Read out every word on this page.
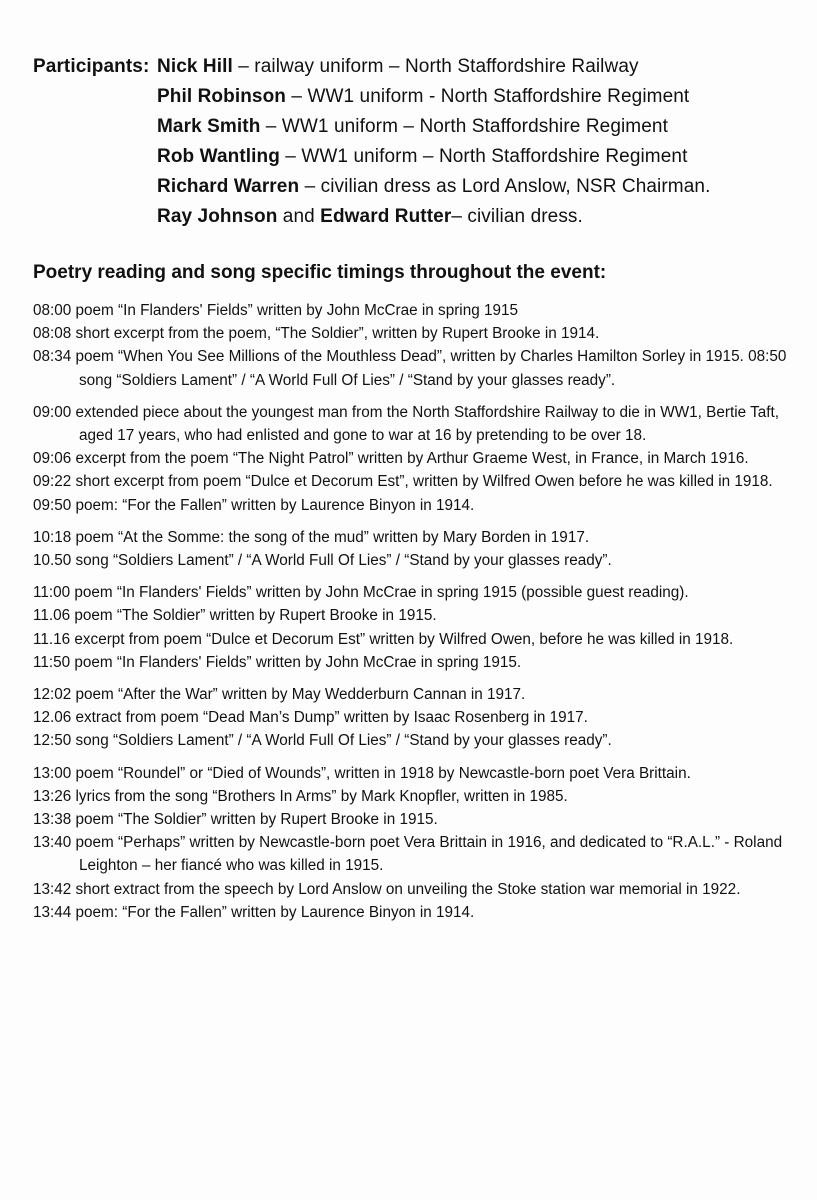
Participants: Nick Hill – railway uniform – North Staffordshire Railway
Phil Robinson – WW1 uniform - North Staffordshire Regiment
Mark Smith – WW1 uniform – North Staffordshire Regiment
Rob Wantling – WW1 uniform – North Staffordshire Regiment
Richard Warren – civilian dress as Lord Anslow, NSR Chairman.
Ray Johnson and Edward Rutter– civilian dress.
Poetry reading and song specific timings throughout the event:
08:00 poem “In Flanders' Fields” written by John McCrae in spring 1915
08:08 short excerpt from the poem, “The Soldier”, written by Rupert Brooke in 1914.
08:34 poem “When You See Millions of the Mouthless Dead”, written by Charles Hamilton Sorley in 1915. 08:50 song “Soldiers Lament” / “A World Full Of Lies” / “Stand by your glasses ready”.
09:00 extended piece about the youngest man from the North Staffordshire Railway to die in WW1, Bertie Taft, aged 17 years, who had enlisted and gone to war at 16 by pretending to be over 18.
09:06 excerpt from the poem “The Night Patrol” written by Arthur Graeme West, in France, in March 1916.
09:22 short excerpt from poem “Dulce et Decorum Est”, written by Wilfred Owen before he was killed in 1918.
09:50 poem: “For the Fallen” written by Laurence Binyon in 1914.
10:18 poem “At the Somme: the song of the mud” written by Mary Borden in 1917.
10.50 song “Soldiers Lament” / “A World Full Of Lies” / “Stand by your glasses ready”.
11:00 poem “In Flanders' Fields” written by John McCrae in spring 1915 (possible guest reading).
11.06 poem “The Soldier” written by Rupert Brooke in 1915.
11.16 excerpt from poem “Dulce et Decorum Est” written by Wilfred Owen, before he was killed in 1918.
11:50 poem “In Flanders' Fields” written by John McCrae in spring 1915.
12:02 poem “After the War” written by May Wedderburn Cannan in 1917.
12.06 extract from poem “Dead Man’s Dump” written by Isaac Rosenberg in 1917.
12:50 song “Soldiers Lament” / “A World Full Of Lies” / “Stand by your glasses ready”.
13:00 poem “Roundel” or “Died of Wounds”, written in 1918 by Newcastle-born poet Vera Brittain.
13:26 lyrics from the song “Brothers In Arms” by Mark Knopfler, written in 1985.
13:38 poem “The Soldier” written by Rupert Brooke in 1915.
13:40 poem “Perhaps” written by Newcastle-born poet Vera Brittain in 1916, and dedicated to “R.A.L.” - Roland Leighton – her fiancé who was killed in 1915.
13:42 short extract from the speech by Lord Anslow on unveiling the Stoke station war memorial in 1922.
13:44 poem: “For the Fallen” written by Laurence Binyon in 1914.
